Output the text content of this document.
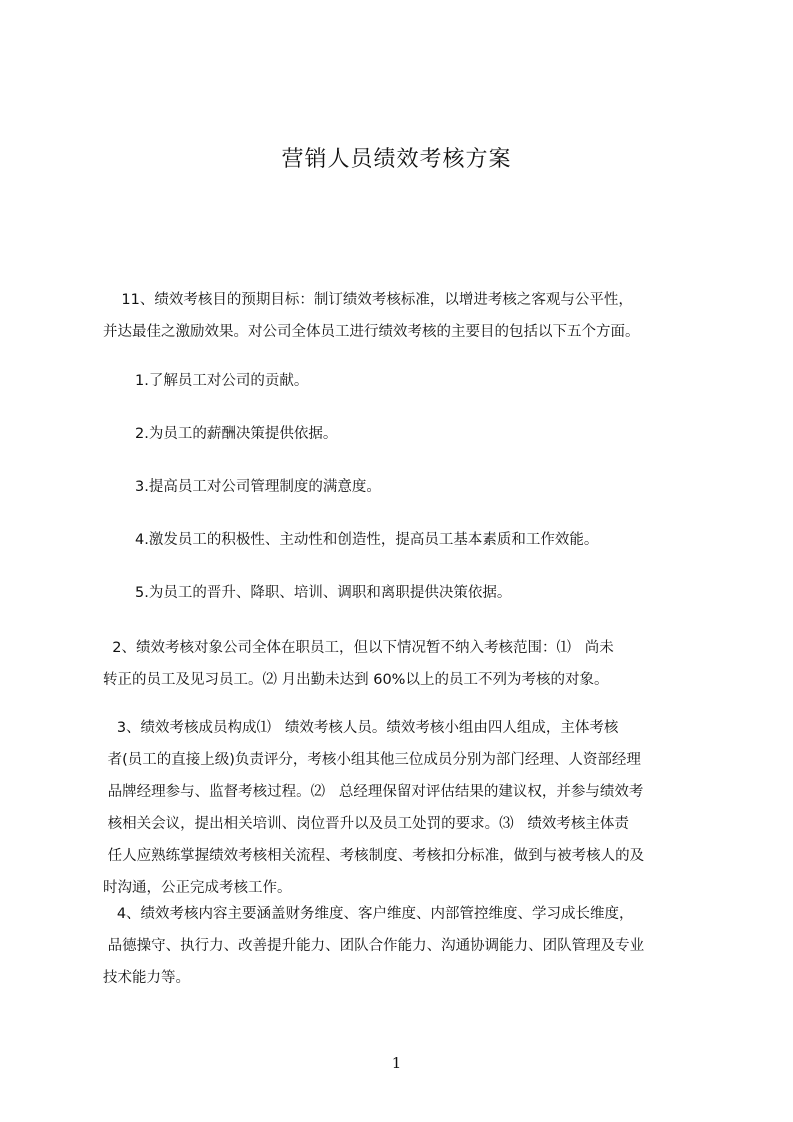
营销人员绩效考核方案
11、绩效考核目的预期目标：制订绩效考核标准，以增进考核之客观与公平性，
并达最佳之激励效果。对公司全体员工进行绩效考核的主要目的包括以下五个方面。
1.了解员工对公司的贡献。
2.为员工的薪酬决策提供依据。
3.提高员工对公司管理制度的满意度。
4.激发员工的积极性、主动性和创造性，提高员工基本素质和工作效能。
5.为员工的晋升、降职、培训、调职和离职提供决策依据。
2、绩效考核对象公司全体在职员工，但以下情况暂不纳入考核范围：⑴   尚未
转正的员工及见习员工。⑵ 月出勤未达到 60%以上的员工不列为考核的对象。
3、绩效考核成员构成⑴   绩效考核人员。绩效考核小组由四人组成，主体考核
者(员工的直接上级)负责评分，考核小组其他三位成员分别为部门经理、人资部经理
品牌经理参与、监督考核过程。⑵   总经理保留对评估结果的建议权，并参与绩效考
核相关会议，提出相关培训、岗位晋升以及员工处罚的要求。⑶   绩效考核主体责
任人应熟练掌握绩效考核相关流程、考核制度、考核扣分标准，做到与被考核人的及
时沟通，公正完成考核工作。
4、绩效考核内容主要涵盖财务维度、客户维度、内部管控维度、学习成长维度，
品德操守、执行力、改善提升能力、团队合作能力、沟通协调能力、团队管理及专业
技术能力等。
1
